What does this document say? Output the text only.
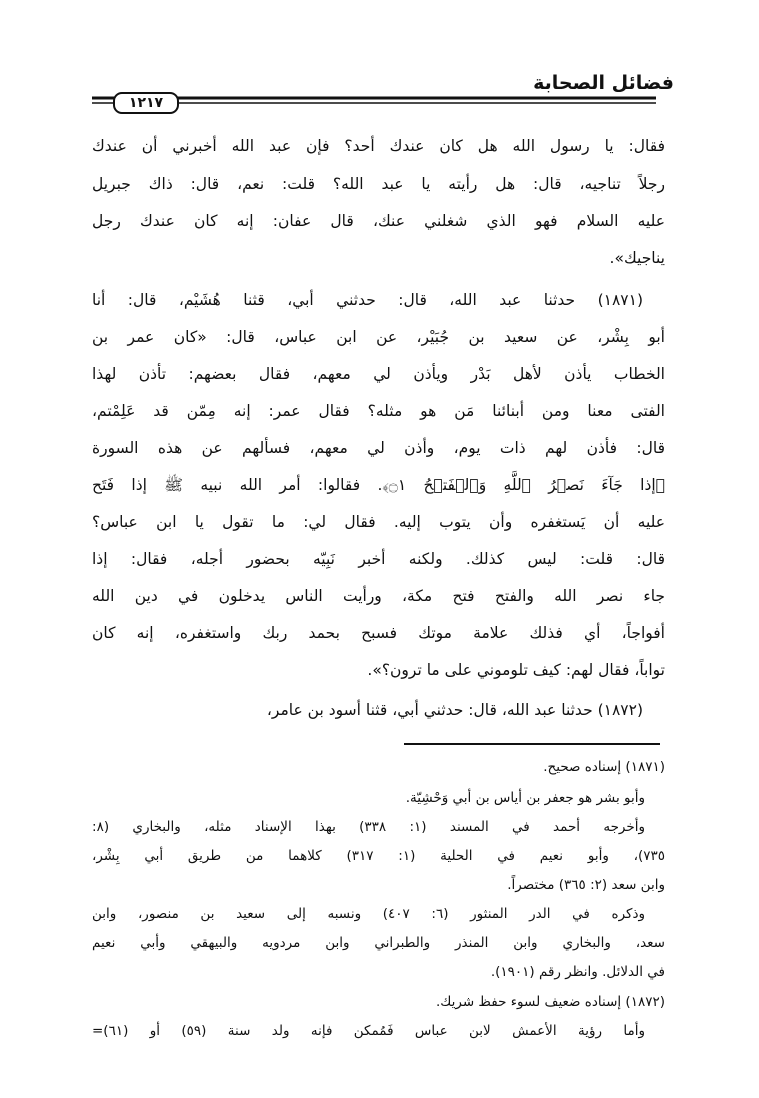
فضائل الصحابة
١٢١٧
فقال: يا رسول الله هل كان عندك أحد؟ فإن عبد الله أخبرني أن عندك
رجلاً تناجيه، قال: هل رأيته يا عبد الله؟ قلت: نعم، قال: ذاك جبريل
عليه السلام فهو الذي شغلني عنك، قال عفان: إنه كان عندك رجل
يناجيك».
(١٨٧١) حدثنا عبد الله، قال: حدثني أبي، قثنا هُشَيْم، قال: أنا
أبو بِشْر، عن سعيد بن جُبَيْر، عن ابن عباس، قال: «كان عمر بن
الخطاب يأذن لأهل بَدْر ويأذن لي معهم، فقال بعضهم: تأذن لهذا
الفتى معنا ومن أبنائنا مَن هو مثله؟ فقال عمر: إنه مِمّن قد عَلِمْتم،
قال: فأذن لهم ذات يوم، وأذن لي معهم، فسألهم عن هذه السورة
﴿إذا جَآءَ نَصۡرُ ٱللَّهِ وَٱلۡفَتۡحُ ۝١﴾. فقالوا: أمر الله نبيه ﷺ إذا فَتَح
عليه أن يَستغفره وأن يتوب إليه. فقال لي: ما تقول يا ابن عباس؟
قال: قلت: ليس كذلك. ولكنه أخبر نَبِيّه بحضور أجله، فقال: إذا
جاء نصر الله والفتح فتح مكة، ورأيت الناس يدخلون في دين الله
أفواجاً، أي فذلك علامة موتك فسبح بحمد ربك واستغفره، إنه كان
تواباً، فقال لهم: كيف تلوموني على ما ترون؟».
(١٨٧٢) حدثنا عبد الله، قال: حدثني أبي، قثنا أسود بن عامر،
(١٨٧١) إسناده صحيح.
وأبو بشر هو جعفر بن أياس بن أبي وَحْشِيّة.
وأخرجه أحمد في المسند (١: ٣٣٨) بهذا الإسناد مثله، والبخاري (٨:
٧٣٥)، وأبو نعيم في الحلية (١: ٣١٧) كلاهما من طريق أبي بِشْر،
وابن سعد (٢: ٣٦٥) مختصراً.
وذكره في الدر المنثور (٦: ٤٠٧) ونسبه إلى سعيد بن منصور، وابن
سعد، والبخاري وابن المنذر والطبراني وابن مردويه والبيهقي وأبي نعيم
في الدلائل. وانظر رقم (١٩٠١).
(١٨٧٢) إسناده ضعيف لسوء حفظ شريك.
وأما رؤية الأعمش لابن عباس فَمُمكن فإنه ولد سنة (٥٩) أو (٦١)=
